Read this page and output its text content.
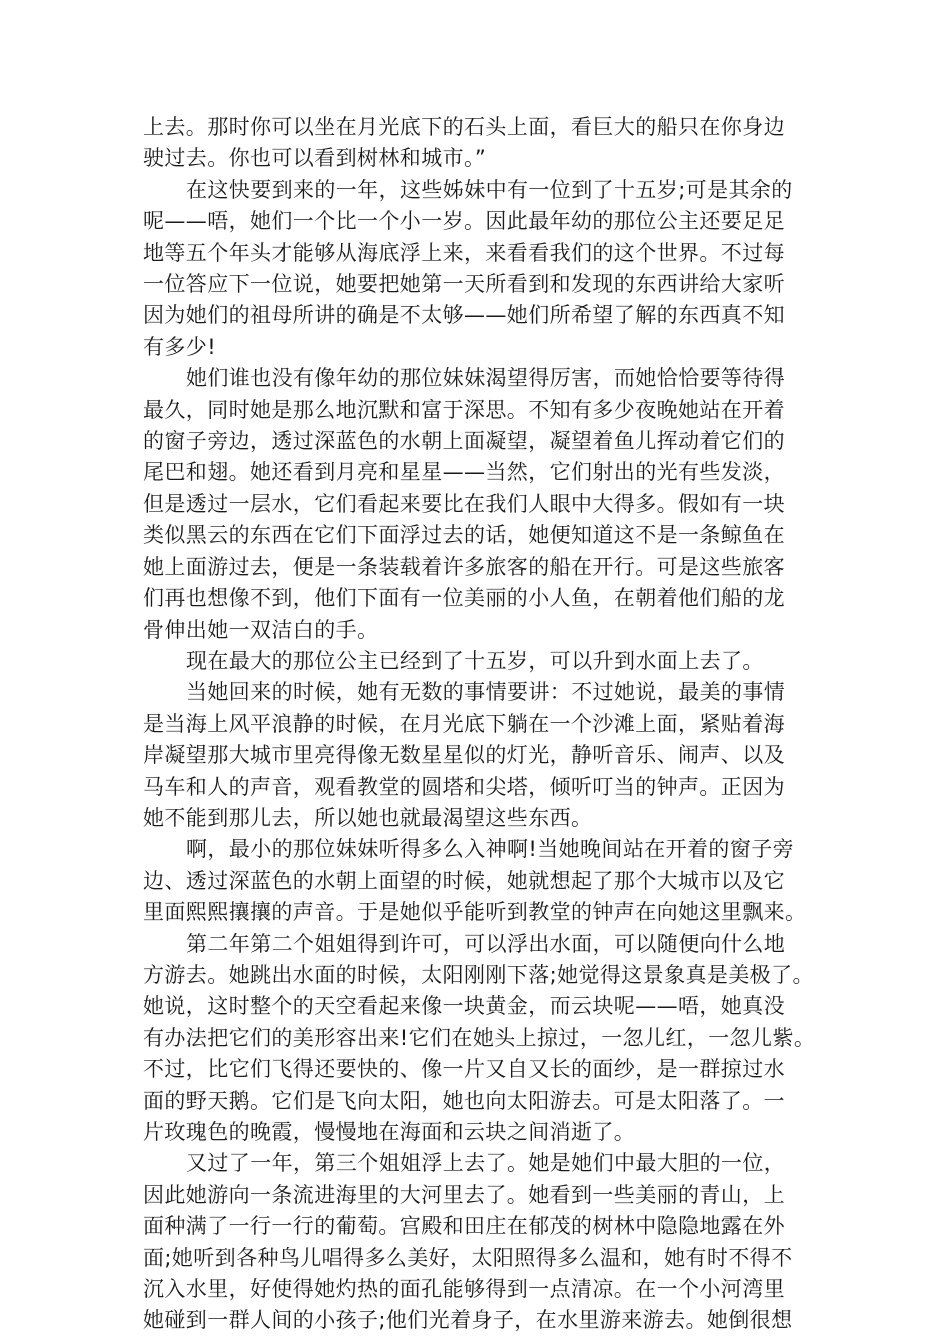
上去。那时你可以坐在月光底下的石头上面，看巨大的船只在你身边
驶过去。你也可以看到树林和城市。”
在这快要到来的一年，这些姊妹中有一位到了十五岁;可是其余的
呢——唔，她们一个比一个小一岁。因此最年幼的那位公主还要足足
地等五个年头才能够从海底浮上来，来看看我们的这个世界。不过每
一位答应下一位说，她要把她第一天所看到和发现的东西讲给大家听
因为她们的祖母所讲的确是不太够——她们所希望了解的东西真不知
有多少!
她们谁也没有像年幼的那位妹妹渴望得厉害，而她恰恰要等待得
最久，同时她是那么地沉默和富于深思。不知有多少夜晚她站在开着
的窗子旁边，透过深蓝色的水朝上面凝望，凝望着鱼儿挥动着它们的
尾巴和翅。她还看到月亮和星星——当然，它们射出的光有些发淡，
但是透过一层水，它们看起来要比在我们人眼中大得多。假如有一块
类似黑云的东西在它们下面浮过去的话，她便知道这不是一条鲸鱼在
她上面游过去，便是一条装载着许多旅客的船在开行。可是这些旅客
们再也想像不到，他们下面有一位美丽的小人鱼，在朝着他们船的龙
骨伸出她一双洁白的手。
现在最大的那位公主已经到了十五岁，可以升到水面上去了。
当她回来的时候，她有无数的事情要讲：不过她说，最美的事情
是当海上风平浪静的时候，在月光底下躺在一个沙滩上面，紧贴着海
岸凝望那大城市里亮得像无数星星似的灯光，静听音乐、闹声、以及
马车和人的声音，观看教堂的圆塔和尖塔，倾听叮当的钟声。正因为
她不能到那儿去，所以她也就最渴望这些东西。
啊，最小的那位妹妹听得多么入神啊!当她晚间站在开着的窗子旁
边、透过深蓝色的水朝上面望的时候，她就想起了那个大城市以及它
里面熙熙攘攘的声音。于是她似乎能听到教堂的钟声在向她这里飘来。
第二年第二个姐姐得到许可，可以浮出水面，可以随便向什么地
方游去。她跳出水面的时候，太阳刚刚下落;她觉得这景象真是美极了。
她说，这时整个的天空看起来像一块黄金，而云块呢——唔，她真没
有办法把它们的美形容出来!它们在她头上掠过，一忽儿红，一忽儿紫。
不过，比它们飞得还要快的、像一片又自又长的面纱，是一群掠过水
面的野天鹅。它们是飞向太阳，她也向太阳游去。可是太阳落了。一
片玫瑰色的晚霞，慢慢地在海面和云块之间消逝了。
又过了一年，第三个姐姐浮上去了。她是她们中最大胆的一位，
因此她游向一条流进海里的大河里去了。她看到一些美丽的青山，上
面种满了一行一行的葡萄。宫殿和田庄在郁茂的树林中隐隐地露在外
面;她听到各种鸟儿唱得多么美好，太阳照得多么温和，她有时不得不
沉入水里，好使得她灼热的面孔能够得到一点清凉。在一个小河湾里
她碰到一群人间的小孩子;他们光着身子，在水里游来游去。她倒很想
